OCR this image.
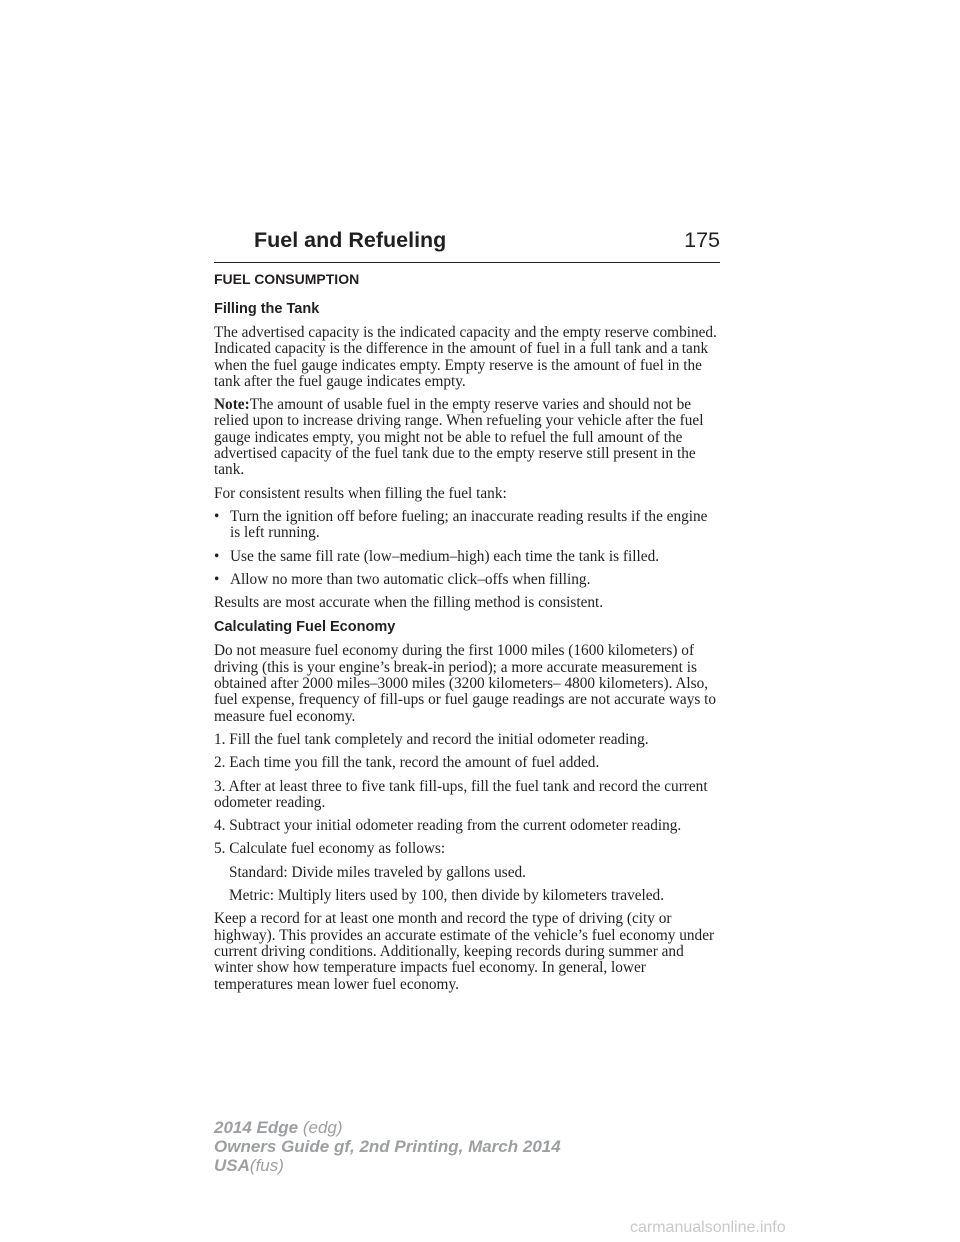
Fuel and Refueling	175
FUEL CONSUMPTION
Filling the Tank

The advertised capacity is the indicated capacity and the empty reserve combined. Indicated capacity is the difference in the amount of fuel in a full tank and a tank when the fuel gauge indicates empty. Empty reserve is the amount of fuel in the tank after the fuel gauge indicates empty.

Note:The amount of usable fuel in the empty reserve varies and should not be relied upon to increase driving range. When refueling your vehicle after the fuel gauge indicates empty, you might not be able to refuel the full amount of the advertised capacity of the fuel tank due to the empty reserve still present in the tank.

For consistent results when filling the fuel tank:

• Turn the ignition off before fueling; an inaccurate reading results if the engine is left running.
• Use the same fill rate (low–medium–high) each time the tank is filled.
• Allow no more than two automatic click–offs when filling.

Results are most accurate when the filling method is consistent.

Calculating Fuel Economy

Do not measure fuel economy during the first 1000 miles (1600 kilometers) of driving (this is your engine’s break-in period); a more accurate measurement is obtained after 2000 miles–3000 miles (3200 kilometers– 4800 kilometers). Also, fuel expense, frequency of fill-ups or fuel gauge readings are not accurate ways to measure fuel economy.

1. Fill the fuel tank completely and record the initial odometer reading.

2. Each time you fill the tank, record the amount of fuel added.

3. After at least three to five tank fill-ups, fill the fuel tank and record the current odometer reading.

4. Subtract your initial odometer reading from the current odometer reading.

5. Calculate fuel economy as follows:

Standard: Divide miles traveled by gallons used.

Metric: Multiply liters used by 100, then divide by kilometers traveled.

Keep a record for at least one month and record the type of driving (city or highway). This provides an accurate estimate of the vehicle’s fuel economy under current driving conditions. Additionally, keeping records during summer and winter show how temperature impacts fuel economy. In general, lower temperatures mean lower fuel economy.

2014 Edge (edg)
Owners Guide gf, 2nd Printing, March 2014
USA(fus)
carmanualsonline.info
